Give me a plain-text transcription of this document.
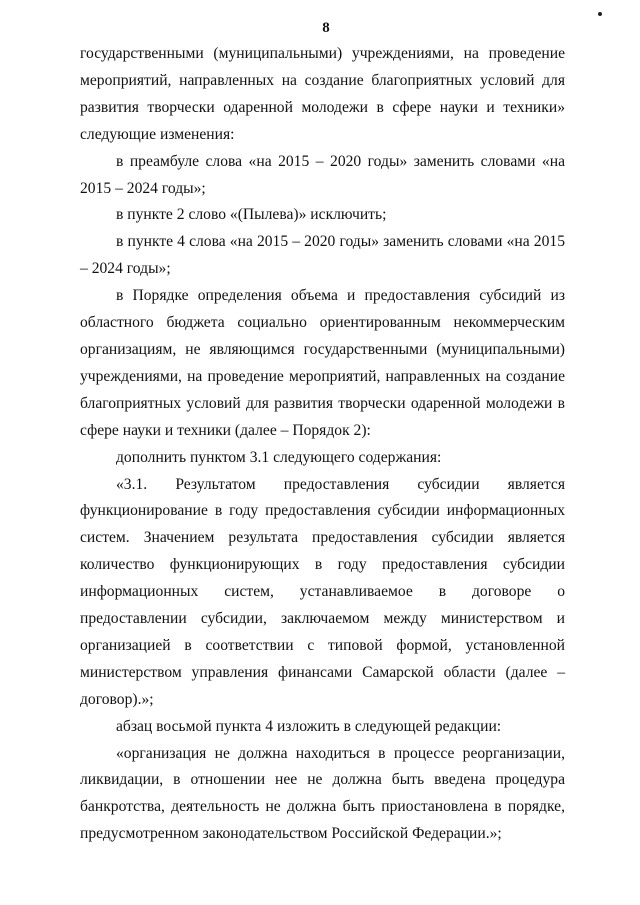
8

государственными (муниципальными) учреждениями, на проведение мероприятий, направленных на создание благоприятных условий для развития творчески одаренной молодежи в сфере науки и техники» следующие изменения:

в преамбуле слова «на 2015 – 2020 годы» заменить словами «на 2015 – 2024 годы»;

в пункте 2 слово «(Пылева)» исключить;

в пункте 4 слова «на 2015 – 2020 годы» заменить словами «на 2015 – 2024 годы»;

в Порядке определения объема и предоставления субсидий из областного бюджета социально ориентированным некоммерческим организациям, не являющимся государственными (муниципальными) учреждениями, на проведение мероприятий, направленных на создание благоприятных условий для развития творчески одаренной молодежи в сфере науки и техники (далее – Порядок 2):

дополнить пунктом 3.1 следующего содержания:

«3.1. Результатом предоставления субсидии является функционирование в году предоставления субсидии информационных систем. Значением результата предоставления субсидии является количество функционирующих в году предоставления субсидии информационных систем, устанавливаемое в договоре о предоставлении субсидии, заключаемом между министерством и организацией в соответствии с типовой формой, установленной министерством управления финансами Самарской области (далее – договор).»;

абзац восьмой пункта 4 изложить в следующей редакции:

«организация не должна находиться в процессе реорганизации, ликвидации, в отношении нее не должна быть введена процедура банкротства, деятельность не должна быть приостановлена в порядке, предусмотренном законодательством Российской Федерации.»;
